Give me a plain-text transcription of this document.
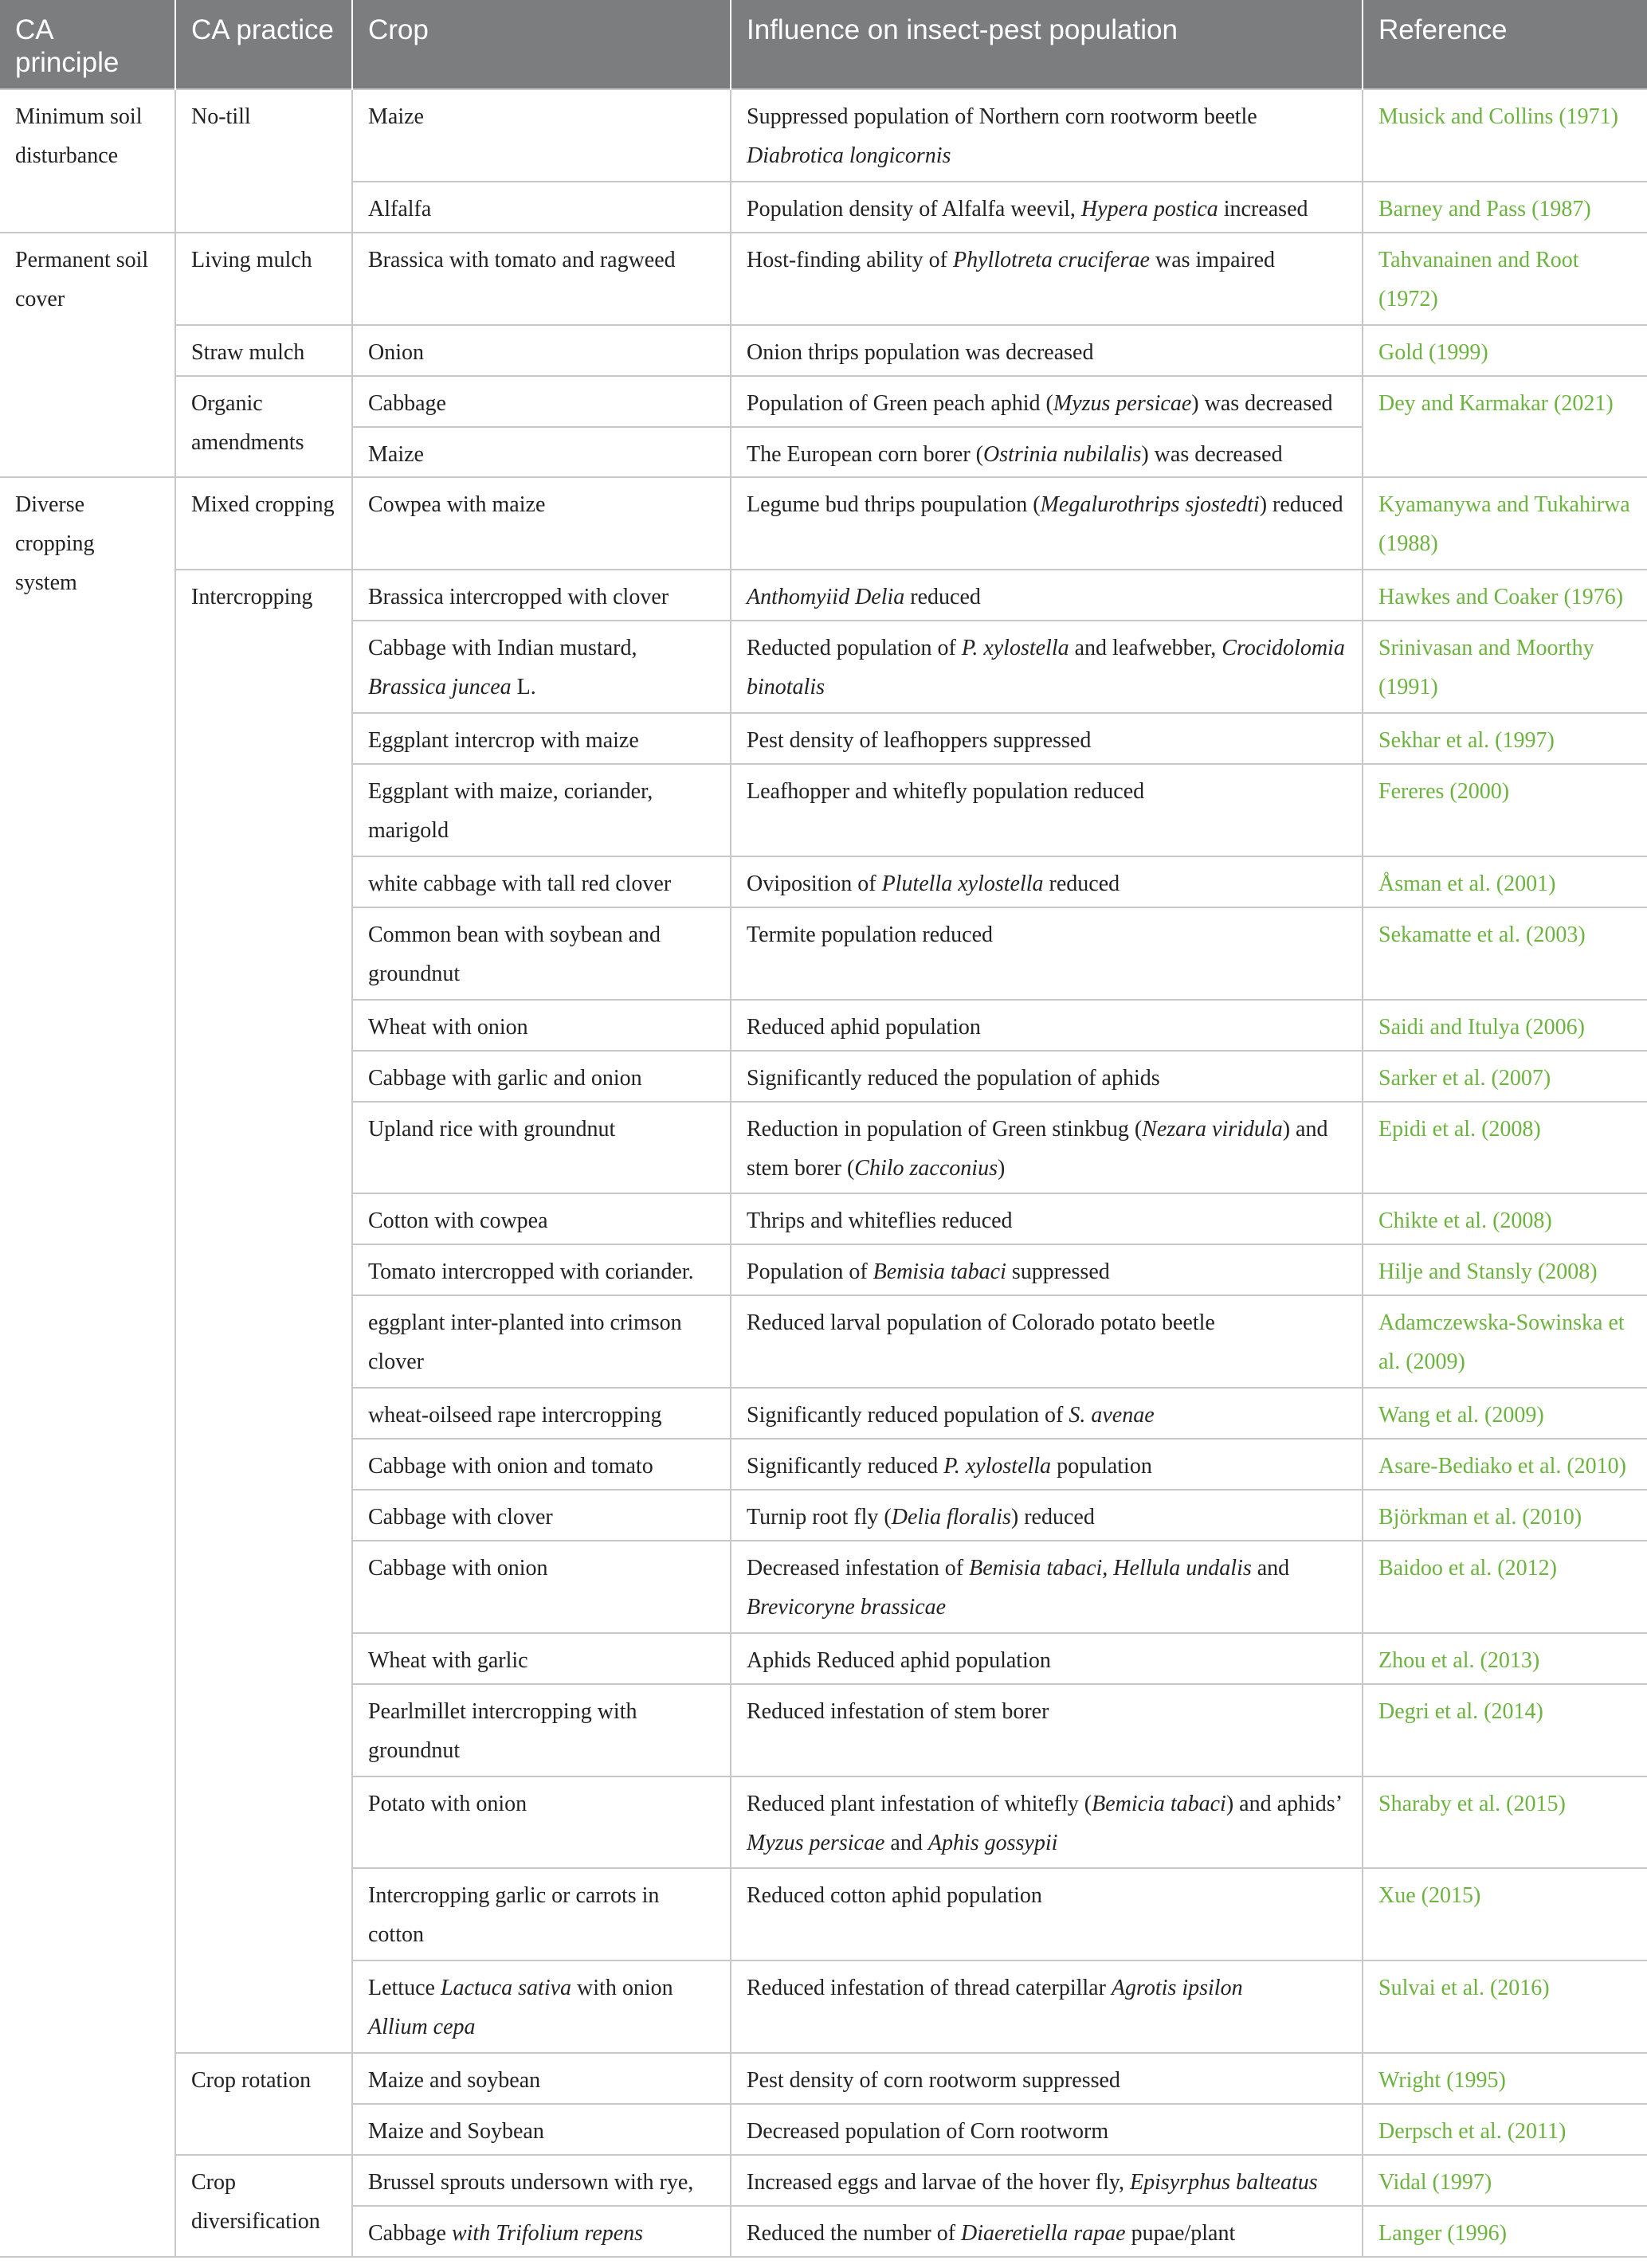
CA principle	CA practice	Crop	Influence on insect-pest population	Reference
Minimum soil disturbance	No-till	Maize	Suppressed population of Northern corn rootworm beetle Diabrotica longicornis	Musick and Collins (1971)
		Alfalfa	Population density of Alfalfa weevil, Hypera postica increased	Barney and Pass (1987)
Permanent soil cover	Living mulch	Brassica with tomato and ragweed	Host-finding ability of Phyllotreta cruciferae was impaired	Tahvanainen and Root (1972)
	Straw mulch	Onion	Onion thrips population was decreased	Gold (1999)
	Organic amendments	Cabbage	Population of Green peach aphid (Myzus persicae) was decreased	Dey and Karmakar (2021)
		Maize	The European corn borer (Ostrinia nubilalis) was decreased	
Diverse cropping system	Mixed cropping	Cowpea with maize	Legume bud thrips poupulation (Megalurothrips sjostedti) reduced	Kyamanywa and Tukahirwa (1988)
	Intercropping	Brassica intercropped with clover	Anthomyiid Delia reduced	Hawkes and Coaker (1976)
		Cabbage with Indian mustard, Brassica juncea L.	Reducted population of P. xylostella and leafwebber, Crocidolomia binotalis	Srinivasan and Moorthy (1991)
		Eggplant intercrop with maize	Pest density of leafhoppers suppressed	Sekhar et al. (1997)
		Eggplant with maize, coriander, marigold	Leafhopper and whitefly population reduced	Fereres (2000)
		white cabbage with tall red clover	Oviposition of Plutella xylostella reduced	Åsman et al. (2001)
		Common bean with soybean and groundnut	Termite population reduced	Sekamatte et al. (2003)
		Wheat with onion	Reduced aphid population	Saidi and Itulya (2006)
		Cabbage with garlic and onion	Significantly reduced the population of aphids	Sarker et al. (2007)
		Upland rice with groundnut	Reduction in population of Green stinkbug (Nezara viridula) and stem borer (Chilo zacconius)	Epidi et al. (2008)
		Cotton with cowpea	Thrips and whiteflies reduced	Chikte et al. (2008)
		Tomato intercropped with coriander.	Population of Bemisia tabaci suppressed	Hilje and Stansly (2008)
		eggplant inter-planted into crimson clover	Reduced larval population of Colorado potato beetle	Adamczewska-Sowinska et al. (2009)
		wheat-oilseed rape intercropping	Significantly reduced population of S. avenae	Wang et al. (2009)
		Cabbage with onion and tomato	Significantly reduced P. xylostella population	Asare-Bediako et al. (2010)
		Cabbage with clover	Turnip root fly (Delia floralis) reduced	Björkman et al. (2010)
		Cabbage with onion	Decreased infestation of Bemisia tabaci, Hellula undalis and Brevicoryne brassicae	Baidoo et al. (2012)
		Wheat with garlic	Aphids Reduced aphid population	Zhou et al. (2013)
		Pearlmillet intercropping with groundnut	Reduced infestation of stem borer	Degri et al. (2014)
		Potato with onion	Reduced plant infestation of whitefly (Bemicia tabaci) and aphids’ Myzus persicae and Aphis gossypii	Sharaby et al. (2015)
		Intercropping garlic or carrots in cotton	Reduced cotton aphid population	Xue (2015)
		Lettuce Lactuca sativa with onion Allium cepa	Reduced infestation of thread caterpillar Agrotis ipsilon	Sulvai et al. (2016)
	Crop rotation	Maize and soybean	Pest density of corn rootworm suppressed	Wright (1995)
		Maize and Soybean	Decreased population of Corn rootworm	Derpsch et al. (2011)
	Crop diversification	Brussel sprouts undersown with rye,	Increased eggs and larvae of the hover fly, Episyrphus balteatus	Vidal (1997)
		Cabbage with Trifolium repens	Reduced the number of Diaeretiella rapae pupae/plant	Langer (1996)
